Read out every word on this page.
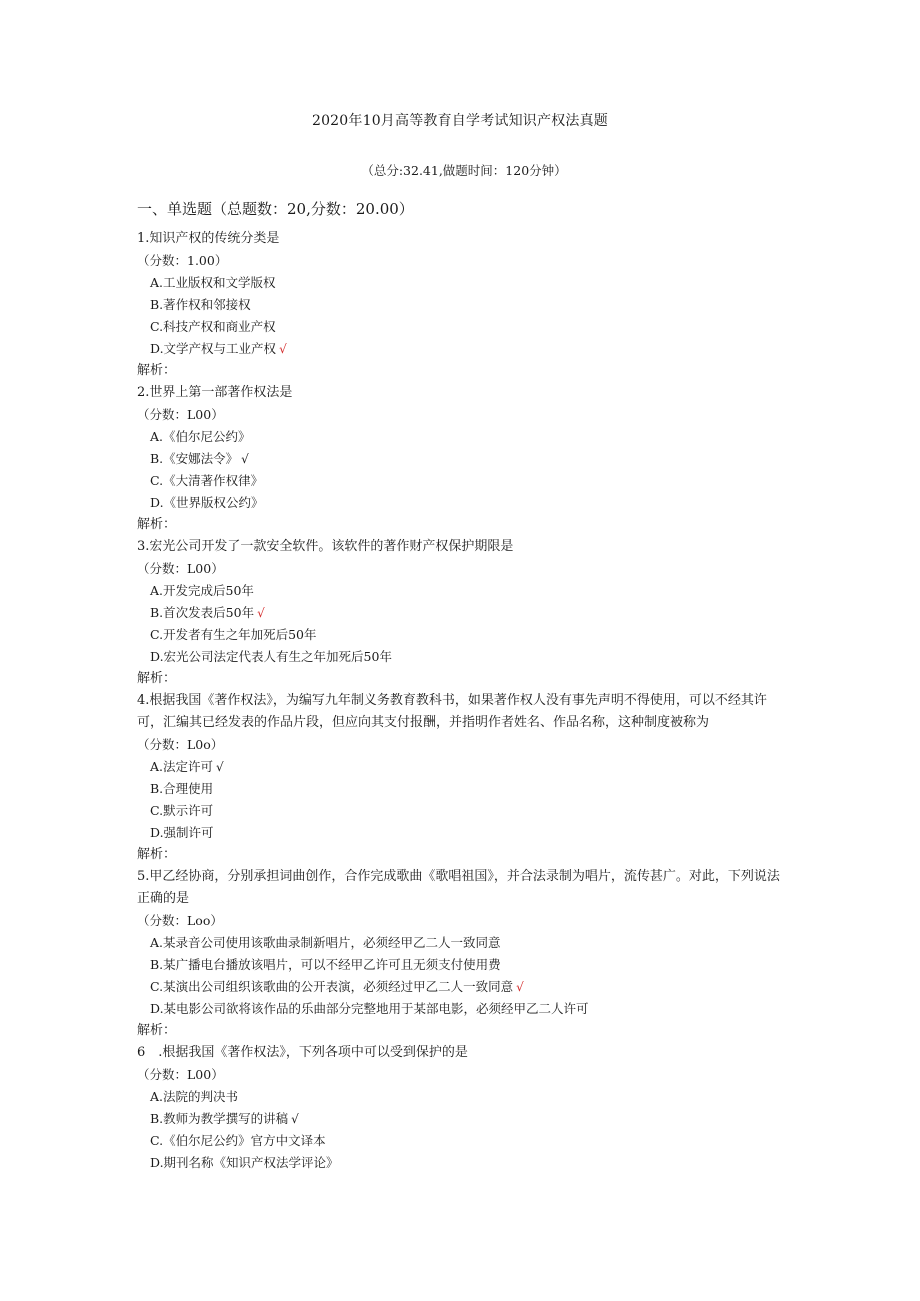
2020年10月高等教育自学考试知识产权法真题
（总分:32.41,做题时间：120分钟）
一、单选题（总题数：20,分数：20.00）
1.知识产权的传统分类是
（分数：1.00）
A.工业版权和文学版权
B.著作权和邻接权
C.科技产权和商业产权
D.文学产权与工业产权 √
解析：
2.世界上第一部著作权法是
（分数：L00）
A.《伯尔尼公约》
B.《安娜法令》 √
C.《大清著作权律》
D.《世界版权公约》
解析：
3.宏光公司开发了一款安全软件。该软件的著作财产权保护期限是
（分数：L00）
A.开发完成后50年
B.首次发表后50年 √
C.开发者有生之年加死后50年
D.宏光公司法定代表人有生之年加死后50年
解析：
4.根据我国《著作权法》，为编写九年制义务教育教科书，如果著作权人没有事先声明不得使用，可以不经其许可，汇编其已经发表的作品片段，但应向其支付报酬，并指明作者姓名、作品名称，这种制度被称为
（分数：L0o）
A.法定许可 √
B.合理使用
C.默示许可
D.强制许可
解析：
5.甲乙经协商，分别承担词曲创作，合作完成歌曲《歌唱祖国》，并合法录制为唱片，流传甚广。对此，下列说法正确的是
（分数：Loo）
A.某录音公司使用该歌曲录制新唱片，必须经甲乙二人一致同意
B.某广播电台播放该唱片，可以不经甲乙许可且无须支付使用费
C.某演出公司组织该歌曲的公开表演，必须经过甲乙二人一致同意 √
D.某电影公司欲将该作品的乐曲部分完整地用于某部电影，必须经甲乙二人许可
解析：
6　.根据我国《著作权法》，下列各项中可以受到保护的是
（分数：L00）
A.法院的判决书
B.教师为教学撰写的讲稿 √
C.《伯尔尼公约》官方中文译本
D.期刊名称《知识产权法学评论》
